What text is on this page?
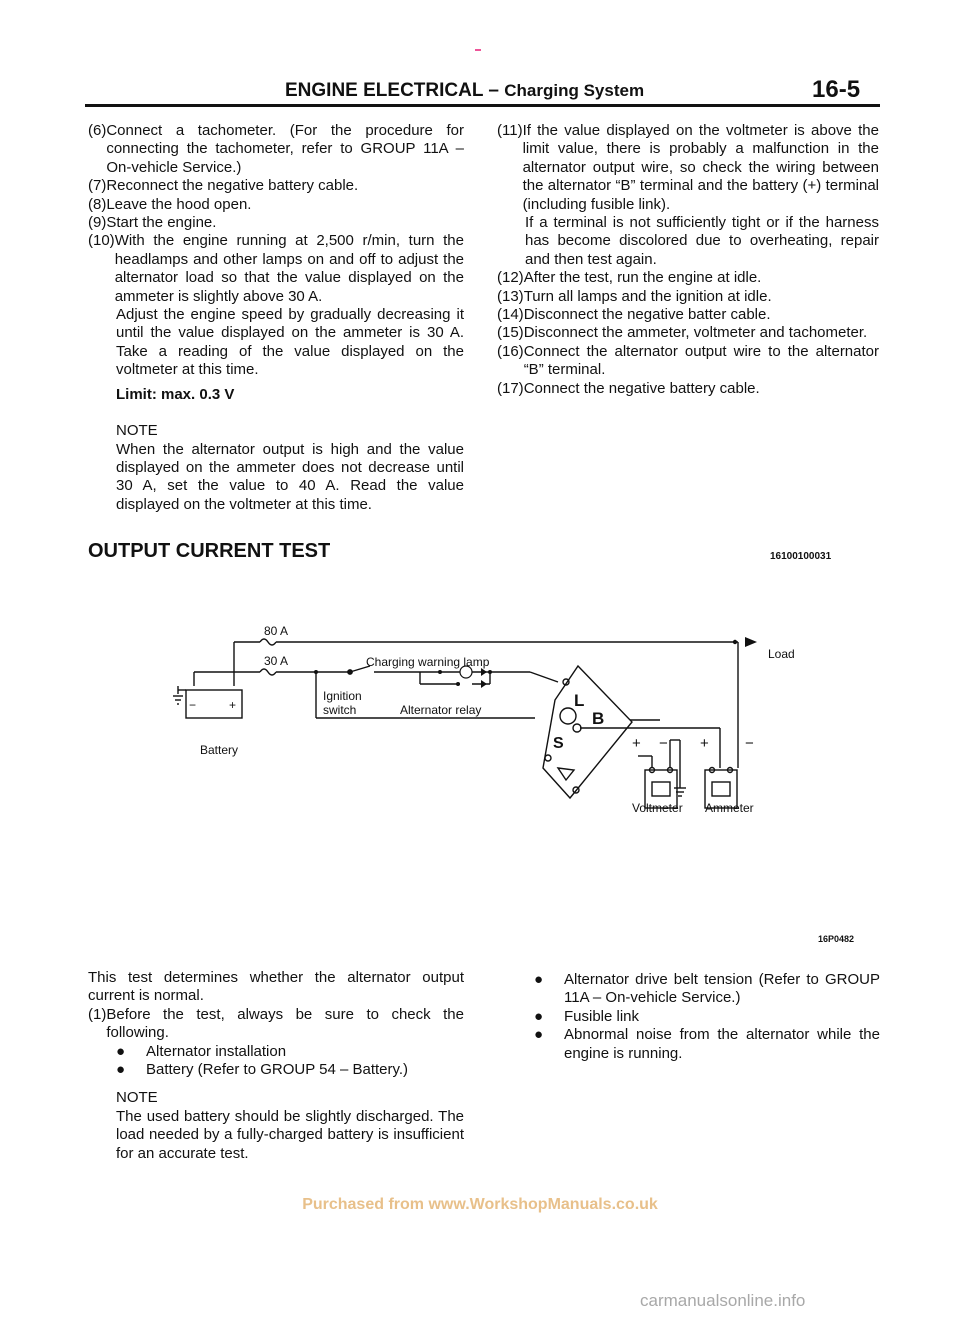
ENGINE ELECTRICAL – Charging System	16-5
(6) Connect a tachometer. (For the procedure for connecting the tachometer, refer to GROUP 11A – On-vehicle Service.)
(7) Reconnect the negative battery cable.
(8) Leave the hood open.
(9) Start the engine.
(10) With the engine running at 2,500 r/min, turn the headlamps and other lamps on and off to adjust the alternator load so that the value displayed on the ammeter is slightly above 30 A.
Adjust the engine speed by gradually decreasing it until the value displayed on the ammeter is 30 A. Take a reading of the value displayed on the voltmeter at this time.
Limit: max. 0.3 V
NOTE
When the alternator output is high and the value displayed on the ammeter does not decrease until 30 A, set the value to 40 A. Read the value displayed on the voltmeter at this time.
(11) If the value displayed on the voltmeter is above the limit value, there is probably a malfunction in the alternator output wire, so check the wiring between the alternator “B” terminal and the battery (+) terminal (including fusible link).
If a terminal is not sufficiently tight or if the harness has become discolored due to overheating, repair and then test again.
(12) After the test, run the engine at idle.
(13) Turn all lamps and the ignition at idle.
(14) Disconnect the negative batter cable.
(15) Disconnect the ammeter, voltmeter and tachometer.
(16) Connect the alternator output wire to the alternator “B” terminal.
(17) Connect the negative battery cable.
OUTPUT CURRENT TEST	16100100031
80 A
30 A	Charging warning lamp
Ignition
switch	Alternator relay
−	+
Battery
Load
L
B
S	+ − + −
Voltmeter Ammeter
16P0482
This test determines whether the alternator output current is normal.
(1) Before the test, always be sure to check the following.
●	Alternator installation
●	Battery (Refer to GROUP 54 – Battery.)
NOTE
The used battery should be slightly discharged. The load needed by a fully-charged battery is insufficient for an accurate test.
●	Alternator drive belt tension (Refer to GROUP 11A – On-vehicle Service.)
●	Fusible link
●	Abnormal noise from the alternator while the engine is running.
Purchased from www.WorkshopManuals.co.uk
carmanualsonline.info
